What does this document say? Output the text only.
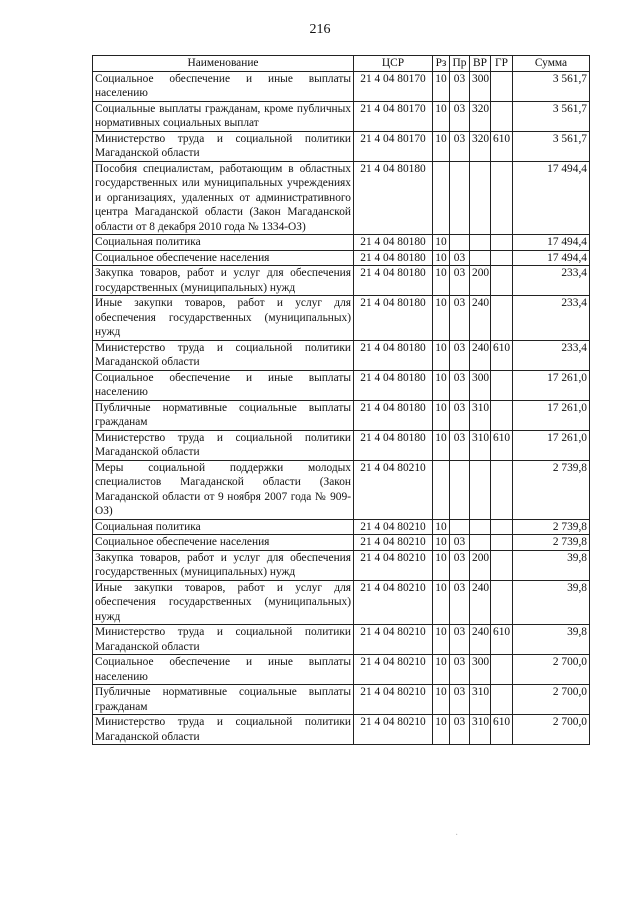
216
Наименование	ЦСР	Рз	Пр	ВР	ГР	Сумма
Социальное обеспечение и иные выплаты населению	21 4 04 80170	10	03	300		3 561,7
Социальные выплаты гражданам, кроме публичных нормативных социальных выплат	21 4 04 80170	10	03	320		3 561,7
Министерство труда и социальной политики Магаданской области	21 4 04 80170	10	03	320	610	3 561,7
Пособия специалистам, работающим в областных государственных или муниципальных учреждениях и организациях, удаленных от административного центра Магаданской области (Закон Магаданской области от 8 декабря 2010 года № 1334-ОЗ)	21 4 04 80180					17 494,4
Социальная политика	21 4 04 80180	10				17 494,4
Социальное обеспечение населения	21 4 04 80180	10	03			17 494,4
Закупка товаров, работ и услуг для обеспечения государственных (муниципальных) нужд	21 4 04 80180	10	03	200		233,4
Иные закупки товаров, работ и услуг для обеспечения государственных (муниципальных) нужд	21 4 04 80180	10	03	240		233,4
Министерство труда и социальной политики Магаданской области	21 4 04 80180	10	03	240	610	233,4
Социальное обеспечение и иные выплаты населению	21 4 04 80180	10	03	300		17 261,0
Публичные нормативные социальные выплаты гражданам	21 4 04 80180	10	03	310		17 261,0
Министерство труда и социальной политики Магаданской области	21 4 04 80180	10	03	310	610	17 261,0
Меры социальной поддержки молодых специалистов Магаданской области (Закон Магаданской области от 9 ноября 2007 года № 909-ОЗ)	21 4 04 80210					2 739,8
Социальная политика	21 4 04 80210	10				2 739,8
Социальное обеспечение населения	21 4 04 80210	10	03			2 739,8
Закупка товаров, работ и услуг для обеспечения государственных (муниципальных) нужд	21 4 04 80210	10	03	200		39,8
Иные закупки товаров, работ и услуг для обеспечения государственных (муниципальных) нужд	21 4 04 80210	10	03	240		39,8
Министерство труда и социальной политики Магаданской области	21 4 04 80210	10	03	240	610	39,8
Социальное обеспечение и иные выплаты населению	21 4 04 80210	10	03	300		2 700,0
Публичные нормативные социальные выплаты гражданам	21 4 04 80210	10	03	310		2 700,0
Министерство труда и социальной политики Магаданской области	21 4 04 80210	10	03	310	610	2 700,0
·
